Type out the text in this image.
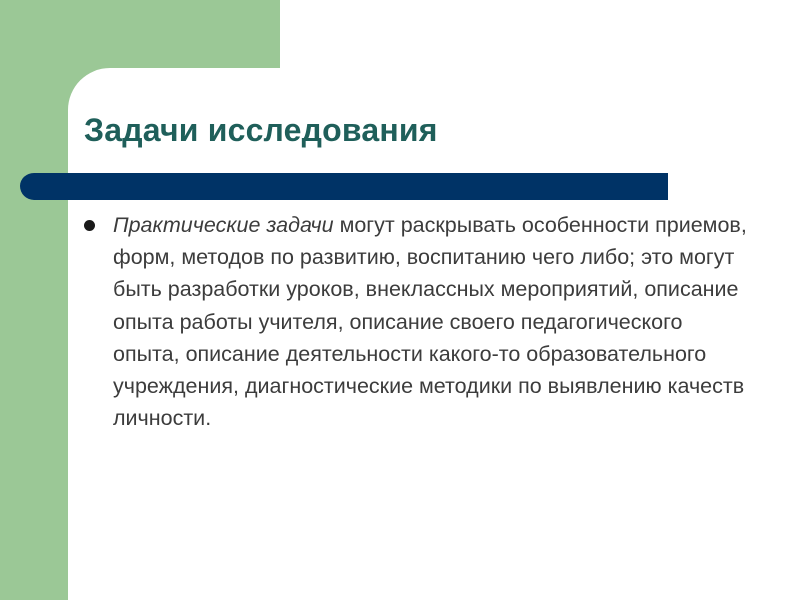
Задачи исследования

Практические задачи могут раскрывать особенности приемов, форм, методов по развитию, воспитанию чего либо; это могут быть разработки уроков, внеклассных мероприятий, описание опыта работы учителя, описание своего педагогического опыта, описание деятельности какого-то образовательного учреждения, диагностические методики по выявлению качеств личности.
